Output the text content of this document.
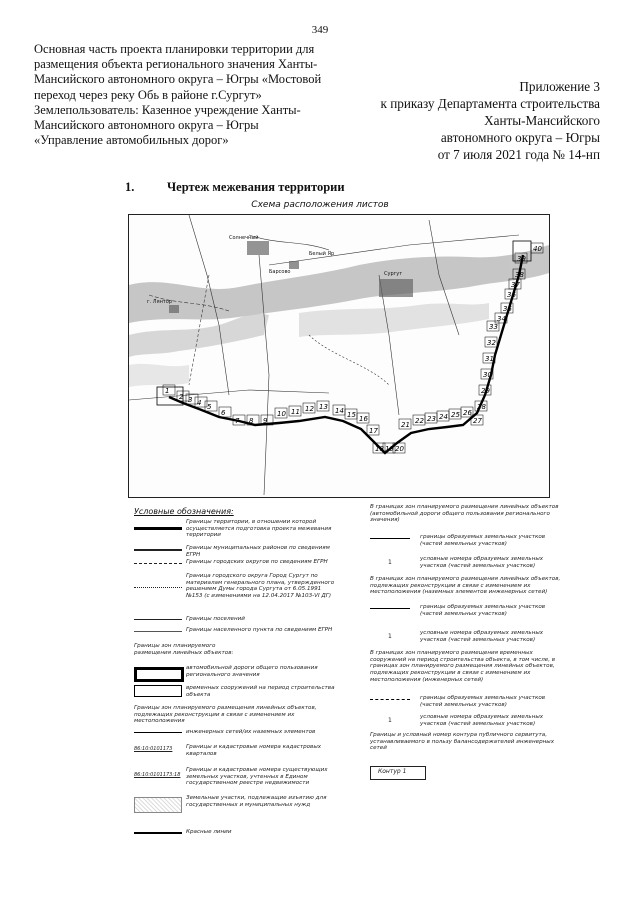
349
Основная часть проекта планировки территории для
размещения объекта регионального значения Ханты-
Мансийского автономного округа – Югры «Мостовой
переход через реку Обь в районе г.Сургут»
Землепользователь: Казенное учреждение Ханты-
Мансийского автономного округа – Югры
«Управление автомобильных дорог»
Приложение 3
к приказу Департамента строительства
Ханты-Мансийского
автономного округа – Югры
от 7 июля 2021 года № 14-нп
1.	Чертеж межевания территории
Схема расположения листов
Сургут
Белый Яр
Барсово
г. Лянтор
Солнечный
1
2 3 4 5
6
7 8 9
10 11 12 13 14 15 16
17
18 19 20
21 22 23 24 25 26
27
28
29
30
31
32
33
34
35
36
37
38
39
40
Условные обозначения:
Границы территории, в отношении которой осуществляется подготовка проекта межевания территории
Границы муниципальных районов по сведениям ЕГРН
Границы городских округов по сведениям ЕГРН
Граница городского округа Город Сургут по материалам генерального плана, утвержденного решением Думы города Сургута от 6.05.1991 №153 (с изменениями на 12.04.2017 №103-VI ДГ)
Границы поселений
Границы населенного пункта по сведениям ЕГРН
Границы зон планируемого размещения линейных объектов:
автомобильной дороги общего пользования регионального значения
временных сооружений на период строительства объекта
Границы зон планируемого размещения линейных объектов, подлежащих реконструкции в связи с изменением их местоположения
инженерных сетей/их наземных элементов
86:10:0101173	Границы и кадастровые номера кадастровых кварталов
86:10:0101173:18
Границы и кадастровые номера существующих земельных участков, учтенных в Едином государственном реестре недвижимости
Земельные участки, подлежащие изъятию для государственных и муниципальных нужд
Красные линии
В границах зон планируемого размещения линейных объектов (автомобильной дороги общего пользования регионального значения)
границы образуемых земельных участков (частей земельных участков)
1	условные номера образуемых земельных участков (частей земельных участков)
В границах зон планируемого размещения линейных объектов, подлежащих реконструкции в связи с изменением их местоположения (наземных элементов инженерных сетей)
границы образуемых земельных участков (частей земельных участков)
1	условные номера образуемых земельных участков (частей земельных участков)
В границах зон планируемого размещения временных сооружений на период строительства объекта, в том числе, в границах зон планируемого размещения линейных объектов, подлежащих реконструкции в связи с изменением их местоположения (инженерных сетей)
границы образуемых земельных участков (частей земельных участков)
1	условные номера образуемых земельных участков (частей земельных участков)
Границы и условный номер контура публичного сервитута, устанавливаемого в пользу балансодержателей инженерных сетей
Контур 1
